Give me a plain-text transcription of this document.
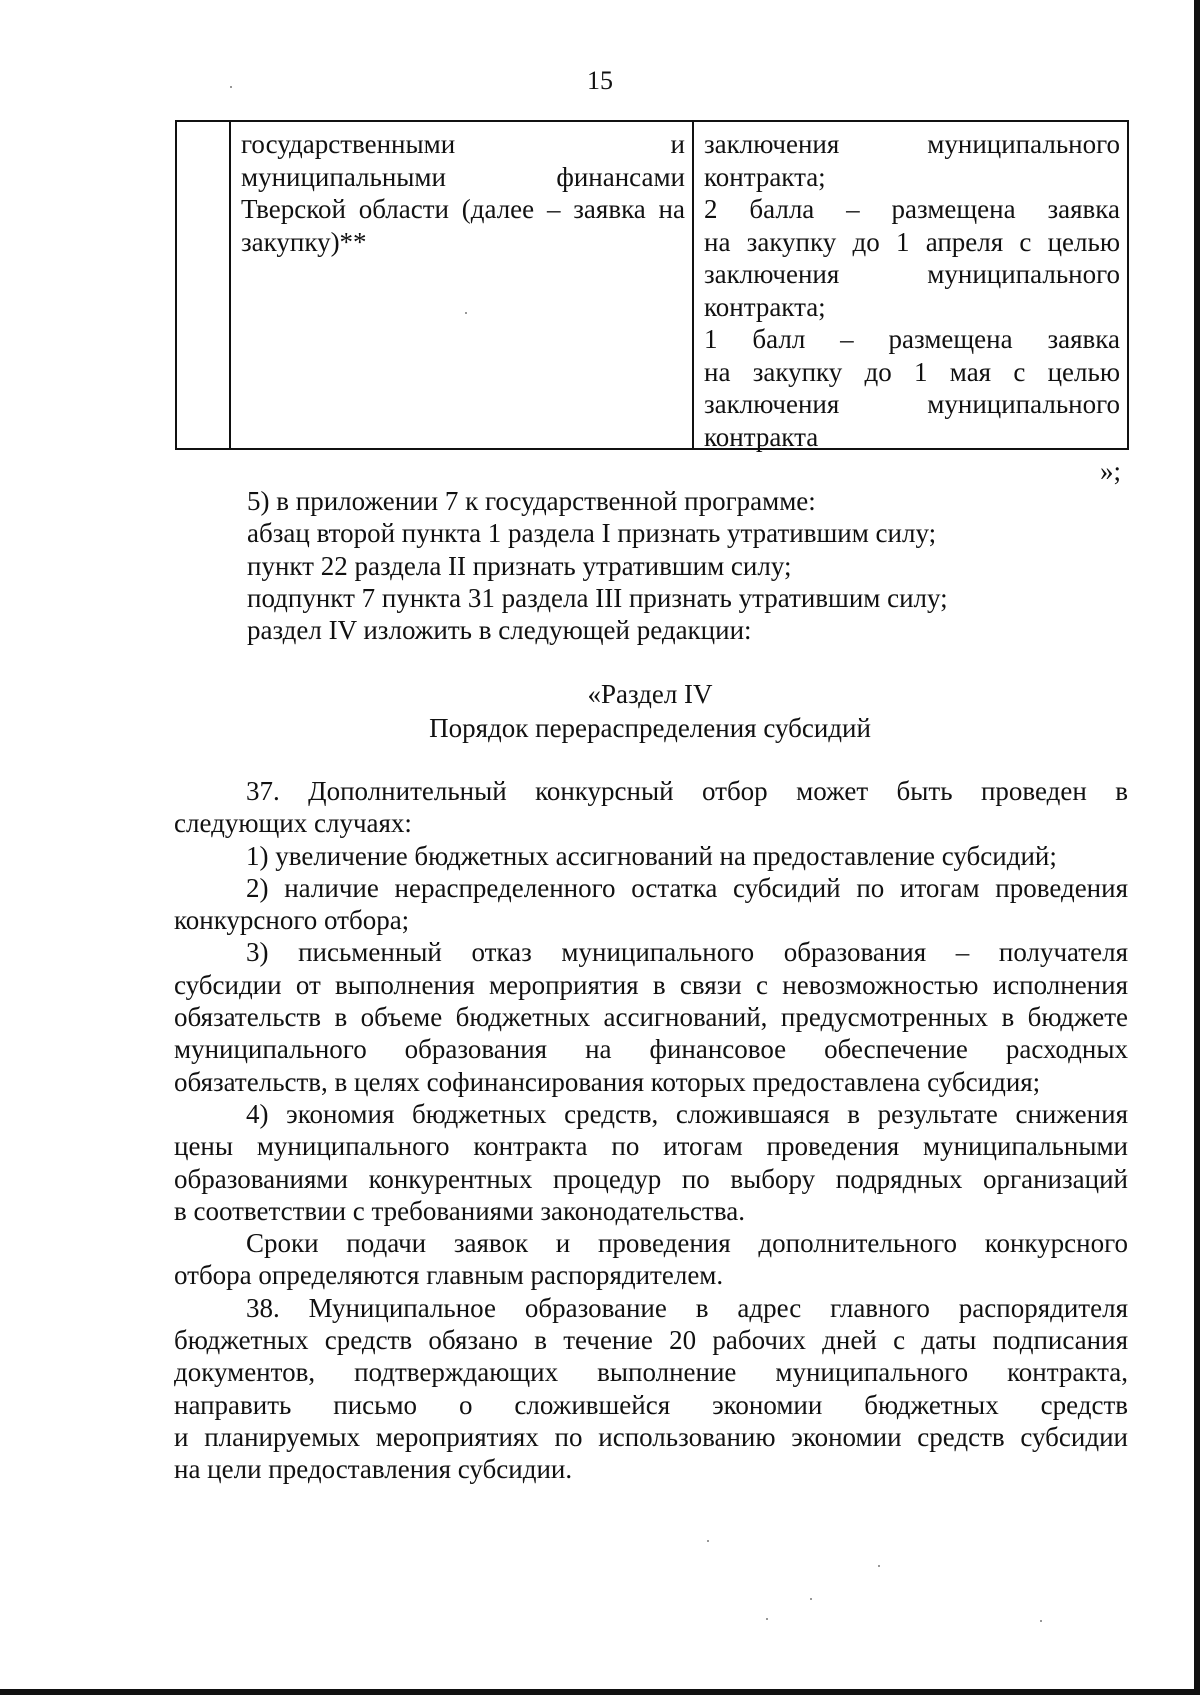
15
государственными и
муниципальными финансами
Тверской области (далее – заявка на
закупку)**
заключения муниципального
контракта;
2 балла – размещена заявка
на закупку до 1 апреля с целью
заключения муниципального
контракта;
1 балл – размещена заявка
на закупку до 1 мая с целью
заключения муниципального
контракта
»;
5) в приложении 7 к государственной программе:
абзац второй пункта 1 раздела I признать утратившим силу;
пункт 22 раздела II признать утратившим силу;
подпункт 7 пункта 31 раздела III признать утратившим силу;
раздел IV изложить в следующей редакции:
«Раздел IV
Порядок перераспределения субсидий
37. Дополнительный конкурсный отбор может быть проведен в
следующих случаях:
1) увеличение бюджетных ассигнований на предоставление субсидий;
2) наличие нераспределенного остатка субсидий по итогам проведения
конкурсного отбора;
3) письменный отказ муниципального образования – получателя
субсидии от выполнения мероприятия в связи с невозможностью исполнения
обязательств в объеме бюджетных ассигнований, предусмотренных в бюджете
муниципального образования на финансовое обеспечение расходных
обязательств, в целях софинансирования которых предоставлена субсидия;
4) экономия бюджетных средств, сложившаяся в результате снижения
цены муниципального контракта по итогам проведения муниципальными
образованиями конкурентных процедур по выбору подрядных организаций
в соответствии с требованиями законодательства.
Сроки подачи заявок и проведения дополнительного конкурсного
отбора определяются главным распорядителем.
38. Муниципальное образование в адрес главного распорядителя
бюджетных средств обязано в течение 20 рабочих дней с даты подписания
документов, подтверждающих выполнение муниципального контракта,
направить письмо о сложившейся экономии бюджетных средств
и планируемых мероприятиях по использованию экономии средств субсидии
на цели предоставления субсидии.
